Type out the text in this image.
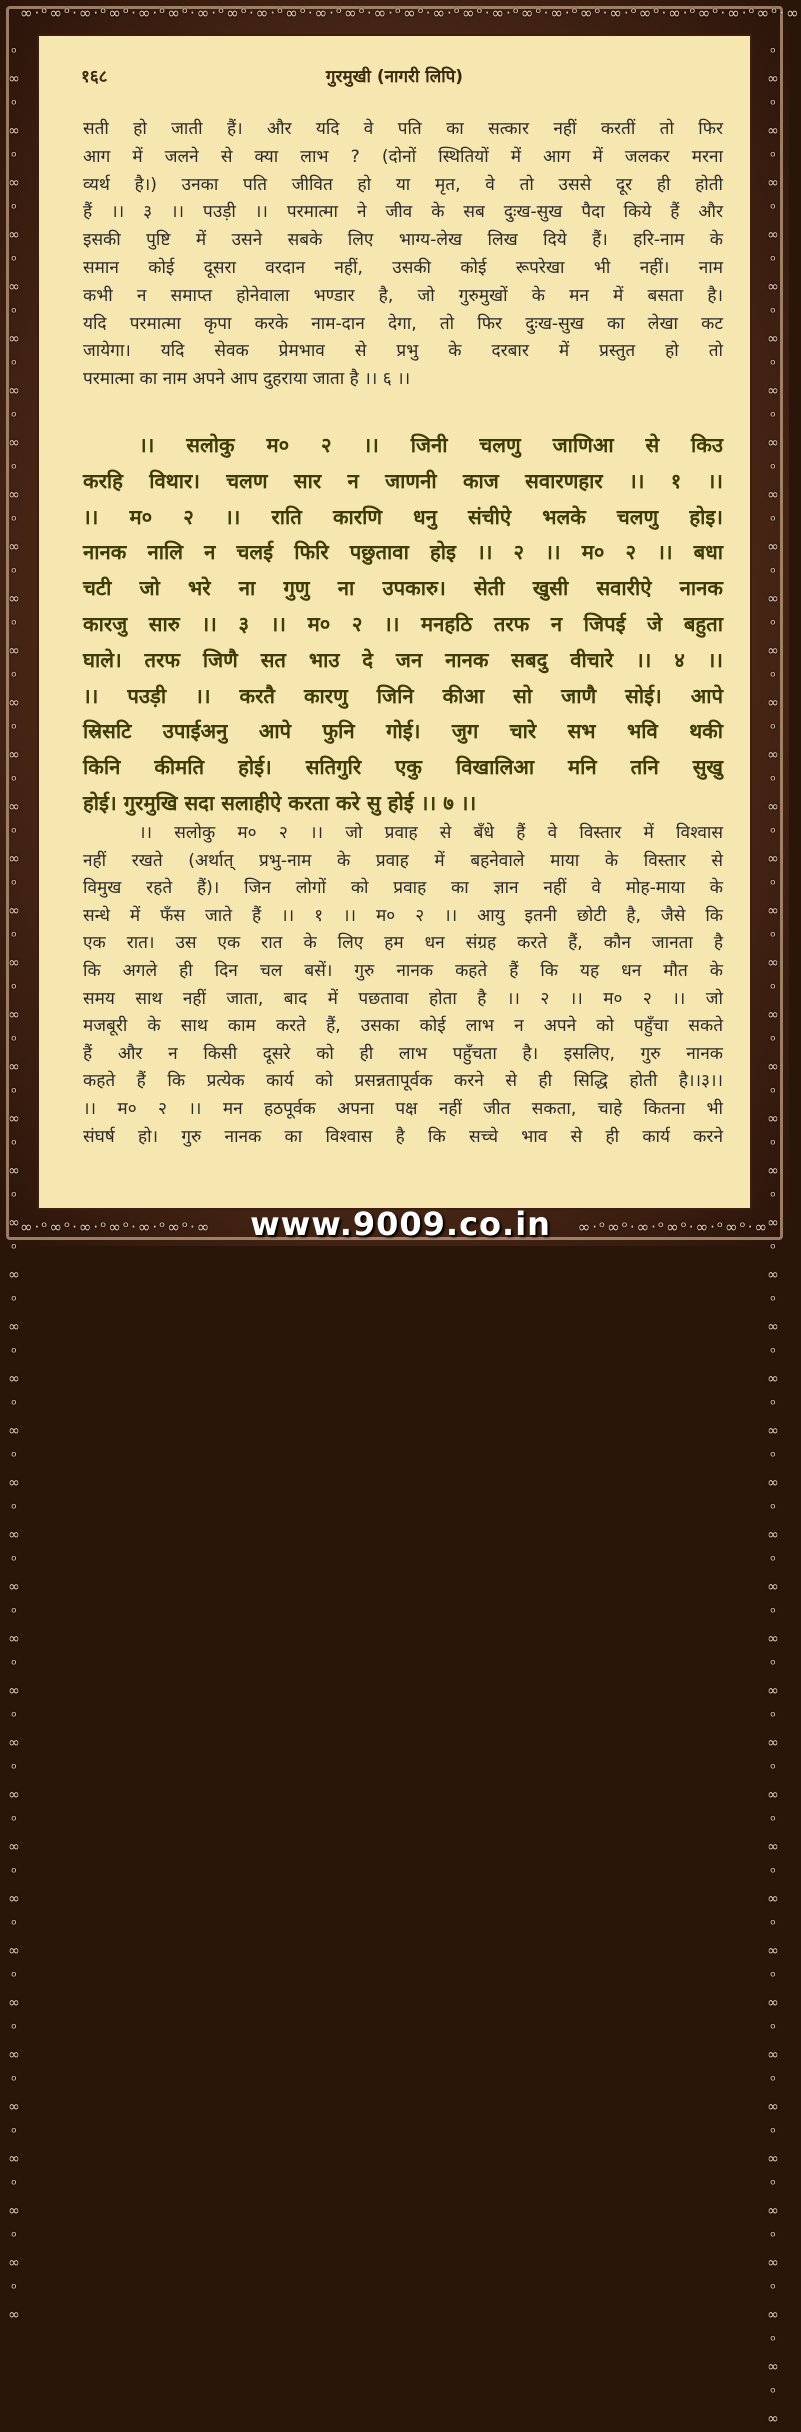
∞·ᵒ∞ᵒ·∞·ᵒ∞ᵒ·∞·ᵒ∞ᵒ·∞·ᵒ∞ᵒ·∞·ᵒ∞ᵒ·∞·ᵒ∞ᵒ·∞·ᵒ∞ᵒ·∞·ᵒ∞ᵒ·∞·ᵒ∞ᵒ·∞·ᵒ∞ᵒ·∞·ᵒ∞ᵒ·∞·ᵒ∞ᵒ·∞·ᵒ∞ᵒ·∞
ᵒ∞ᵒ∞ᵒ∞ᵒ∞ᵒ∞ᵒ∞ᵒ∞ᵒ∞ᵒ∞ᵒ∞ᵒ∞ᵒ∞ᵒ∞ᵒ∞ᵒ∞ᵒ∞ᵒ∞ᵒ∞ᵒ∞ᵒ∞ᵒ∞ᵒ∞ᵒ∞ᵒ∞ᵒ∞ᵒ∞ᵒ∞ᵒ∞ᵒ∞ᵒ∞ᵒ∞ᵒ∞ᵒ∞ᵒ∞ᵒ∞ᵒ∞ᵒ∞ᵒ∞ᵒ∞ᵒ∞ᵒ∞ᵒ∞ᵒ∞ᵒ∞
ᵒ∞ᵒ∞ᵒ∞ᵒ∞ᵒ∞ᵒ∞ᵒ∞ᵒ∞ᵒ∞ᵒ∞ᵒ∞ᵒ∞ᵒ∞ᵒ∞ᵒ∞ᵒ∞ᵒ∞ᵒ∞ᵒ∞ᵒ∞ᵒ∞ᵒ∞ᵒ∞ᵒ∞ᵒ∞ᵒ∞ᵒ∞ᵒ∞ᵒ∞ᵒ∞ᵒ∞ᵒ∞ᵒ∞ᵒ∞ᵒ∞ᵒ∞ᵒ∞ᵒ∞ᵒ∞ᵒ∞ᵒ∞ᵒ∞ᵒ∞ᵒ∞ᵒ∞ᵒ∞
∞·ᵒ∞ᵒ·∞·ᵒ∞ᵒ·∞·ᵒ∞ᵒ·∞	∞·ᵒ∞ᵒ·∞·ᵒ∞ᵒ·∞·ᵒ∞ᵒ·∞
१६८	गुरमुखी (नागरी लिपि)
सती हो जाती हैं। और यदि वे पति का सत्कार नहीं करतीं तो फिर
आग में जलने से क्या लाभ ? (दोनों स्थितियों में आग में जलकर मरना
व्यर्थ है।) उनका पति जीवित हो या मृत, वे तो उससे दूर ही होती
हैं ।। ३ ।। पउड़ी ।। परमात्मा ने जीव के सब दुःख-सुख पैदा किये हैं और
इसकी पुष्टि में उसने सबके लिए भाग्य-लेख लिख दिये हैं। हरि-नाम के
समान कोई दूसरा वरदान नहीं, उसकी कोई रूपरेखा भी नहीं। नाम
कभी न समाप्त होनेवाला भण्डार है, जो गुरुमुखों के मन में बसता है।
यदि परमात्मा कृपा करके नाम-दान देगा, तो फिर दुःख-सुख का लेखा कट
जायेगा। यदि सेवक प्रेमभाव से प्रभु के दरबार में प्रस्तुत हो तो
परमात्मा का नाम अपने आप दुहराया जाता है ।। ६ ।।
।। सलोकु म० २ ।। जिनी चलणु जाणिआ से किउ
करहि विथार। चलण सार न जाणनी काज सवारणहार ।। १ ।।
।। म० २ ।। राति कारणि धनु संचीऐ भलके चलणु होइ।
नानक नालि न चलई फिरि पछुतावा होइ ।। २ ।। म० २ ।। बधा
चटी जो भरे ना गुणु ना उपकारु। सेती खुसी सवारीऐ नानक
कारजु सारु ।। ३ ।। म० २ ।। मनहठि तरफ न जिपई जे बहुता
घाले। तरफ जिणै सत भाउ दे जन नानक सबदु वीचारे ।। ४ ।।
।। पउड़ी ।। करतै कारणु जिनि कीआ सो जाणै सोई। आपे
स्रिसटि उपाईअनु आपे फुनि गोई। जुग चारे सभ भवि थकी
किनि कीमति होई। सतिगुरि एकु विखालिआ मनि तनि सुखु
होई। गुरमुखि सदा सलाहीऐ करता करे सु होई ।। ७ ।।
।। सलोकु म० २ ।। जो प्रवाह से बँधे हैं वे विस्तार में विश्वास
नहीं रखते (अर्थात् प्रभु-नाम के प्रवाह में बहनेवाले माया के विस्तार से
विमुख रहते हैं)। जिन लोगों को प्रवाह का ज्ञान नहीं वे मोह-माया के
सन्धे में फँस जाते हैं ।। १ ।। म० २ ।। आयु इतनी छोटी है, जैसे कि
एक रात। उस एक रात के लिए हम धन संग्रह करते हैं, कौन जानता है
कि अगले ही दिन चल बसें। गुरु नानक कहते हैं कि यह धन मौत के
समय साथ नहीं जाता, बाद में पछतावा होता है ।। २ ।। म० २ ।। जो
मजबूरी के साथ काम करते हैं, उसका कोई लाभ न अपने को पहुँचा सकते
हैं और न किसी दूसरे को ही लाभ पहुँचता है। इसलिए, गुरु नानक
कहते हैं कि प्रत्येक कार्य को प्रसन्नतापूर्वक करने से ही सिद्धि होती है।।३।।
।। म० २ ।। मन हठपूर्वक अपना पक्ष नहीं जीत सकता, चाहे कितना भी
संघर्ष हो। गुरु नानक का विश्वास है कि सच्चे भाव से ही कार्य करने
www.9009.co.in
